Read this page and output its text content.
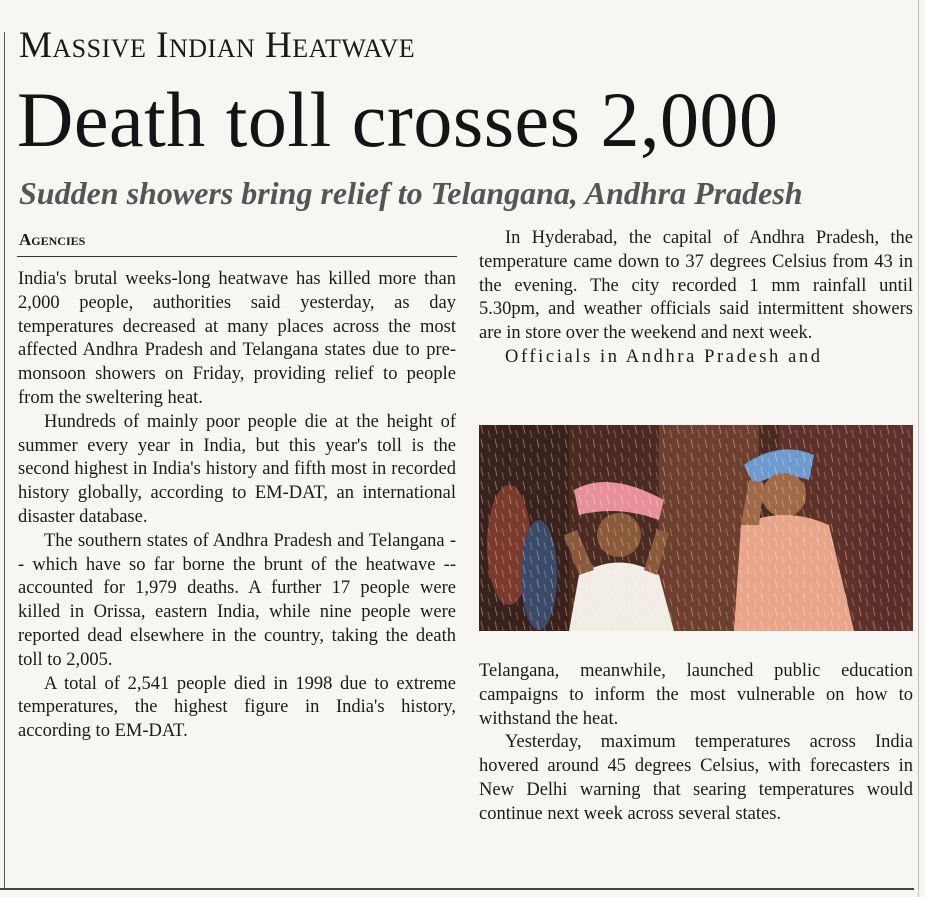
Massive Indian Heatwave
Death toll crosses 2,000
Sudden showers bring relief to Telangana, Andhra Pradesh
Agencies

India's brutal weeks-long heatwave has killed more than 2,000 people, authorities said yesterday, as day temperatures decreased at many places across the most affected Andhra Pradesh and Telangana states due to pre-monsoon showers on Friday, providing relief to people from the sweltering heat.

Hundreds of mainly poor people die at the height of summer every year in India, but this year's toll is the second highest in India's history and fifth most in recorded history globally, according to EM-DAT, an international disaster database.

The southern states of Andhra Pradesh and Telangana -- which have so far borne the brunt of the heatwave -- accounted for 1,979 deaths. A further 17 people were killed in Orissa, eastern India, while nine people were reported dead elsewhere in the country, taking the death toll to 2,005.

A total of 2,541 people died in 1998 due to extreme temperatures, the highest figure in India's history, according to EM-DAT.

In Hyderabad, the capital of Andhra Pradesh, the temperature came down to 37 degrees Celsius from 43 in the evening. The city recorded 1 mm rainfall until 5.30pm, and weather officials said intermittent showers are in store over the weekend and next week.

Officials in Andhra Pradesh and

Telangana, meanwhile, launched public education campaigns to inform the most vulnerable on how to withstand the heat.

Yesterday, maximum temperatures across India hovered around 45 degrees Celsius, with forecasters in New Delhi warning that searing temperatures would continue next week across several states.
